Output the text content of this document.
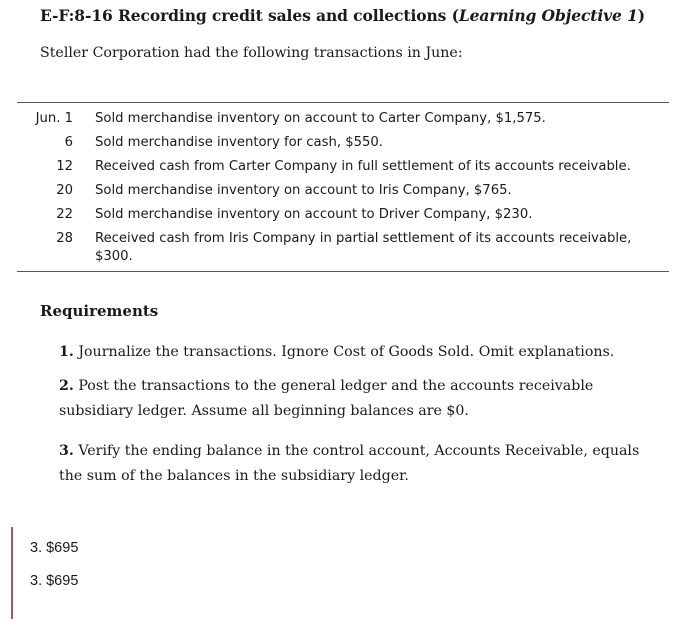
E-F:8-16 Recording credit sales and collections (Learning Objective 1)
Steller Corporation had the following transactions in June:
Jun. 1 Sold merchandise inventory on account to Carter Company, $1,575.
6 Sold merchandise inventory for cash, $550.
12 Received cash from Carter Company in full settlement of its accounts receivable.
20 Sold merchandise inventory on account to Iris Company, $765.
22 Sold merchandise inventory on account to Driver Company, $230.
28 Received cash from Iris Company in partial settlement of its accounts receivable, $300.
Requirements
1. Journalize the transactions. Ignore Cost of Goods Sold. Omit explanations.
2. Post the transactions to the general ledger and the accounts receivable subsidiary ledger. Assume all beginning balances are $0.
3. Verify the ending balance in the control account, Accounts Receivable, equals the sum of the balances in the subsidiary ledger.
3. $695
3. $695
